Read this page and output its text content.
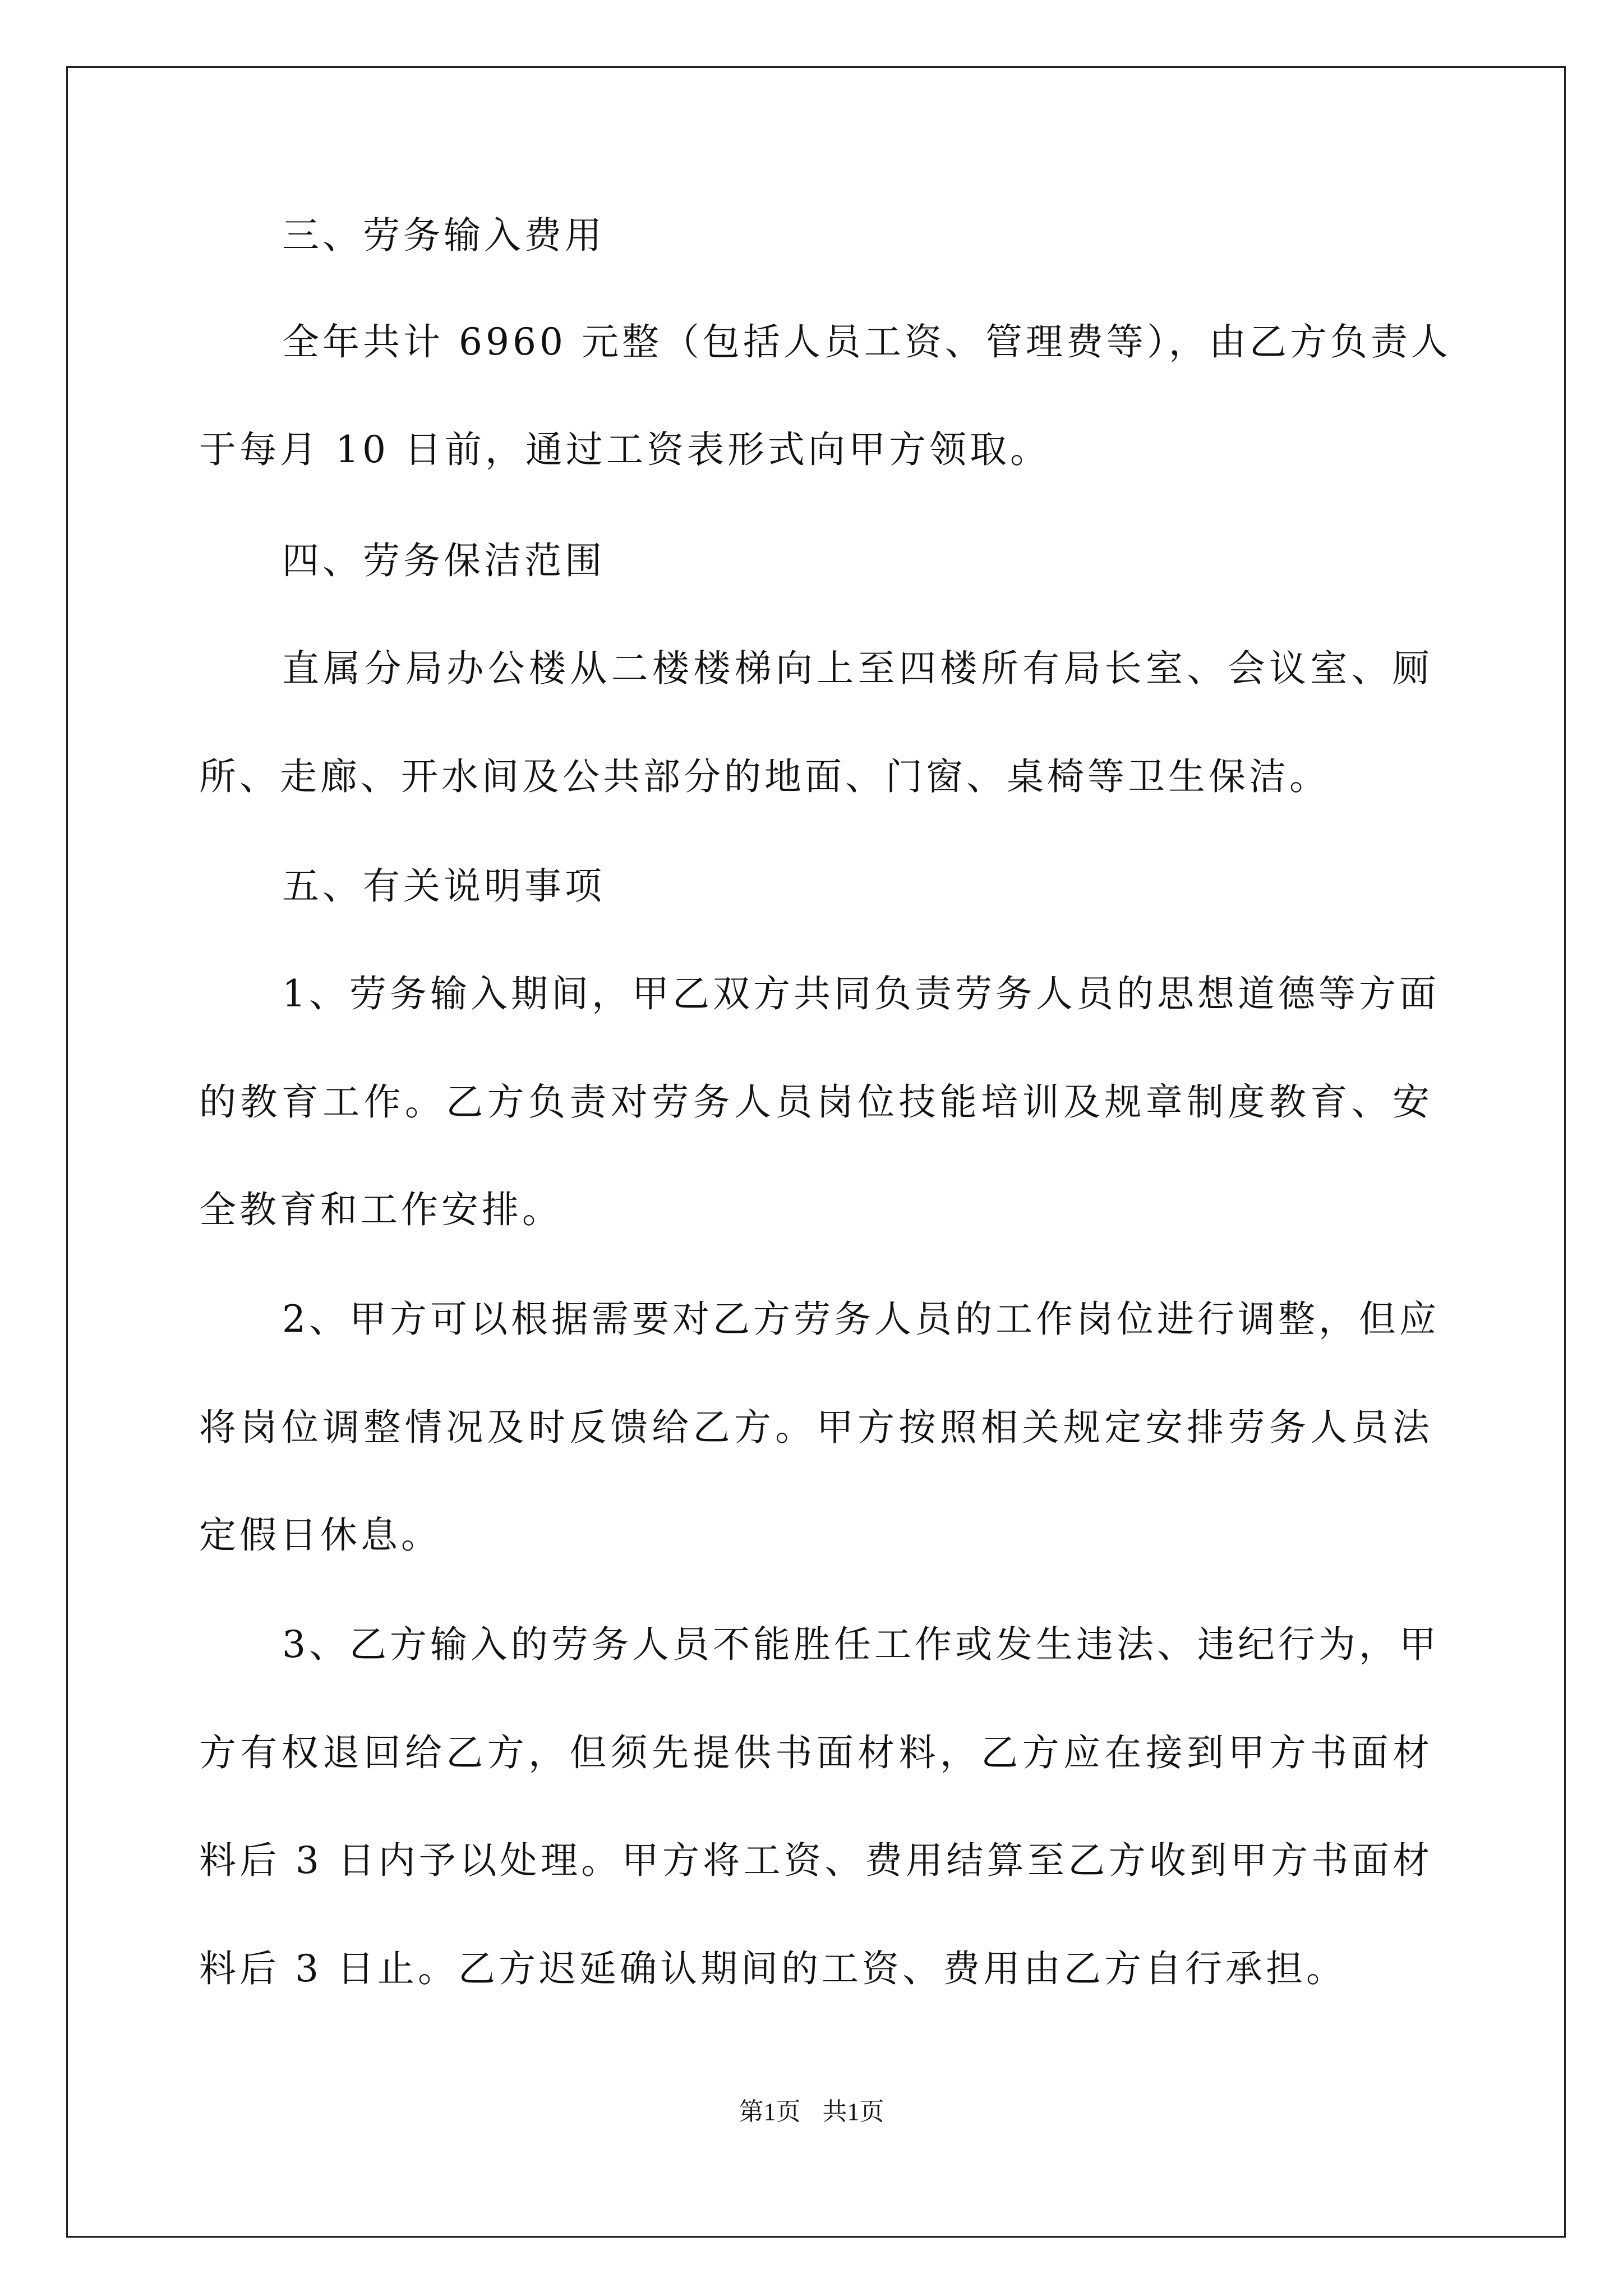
三、劳务输入费用
全年共计 6960 元整（包括人员工资、管理费等），由乙方负责人
于每月 10 日前，通过工资表形式向甲方领取。
四、劳务保洁范围
直属分局办公楼从二楼楼梯向上至四楼所有局长室、会议室、厕
所、走廊、开水间及公共部分的地面、门窗、桌椅等卫生保洁。
五、有关说明事项
1、劳务输入期间，甲乙双方共同负责劳务人员的思想道德等方面
的教育工作。乙方负责对劳务人员岗位技能培训及规章制度教育、安
全教育和工作安排。
2、甲方可以根据需要对乙方劳务人员的工作岗位进行调整，但应
将岗位调整情况及时反馈给乙方。甲方按照相关规定安排劳务人员法
定假日休息。
3、乙方输入的劳务人员不能胜任工作或发生违法、违纪行为，甲
方有权退回给乙方，但须先提供书面材料，乙方应在接到甲方书面材
料后 3 日内予以处理。甲方将工资、费用结算至乙方收到甲方书面材
料后 3 日止。乙方迟延确认期间的工资、费用由乙方自行承担。
第1页 共1页
